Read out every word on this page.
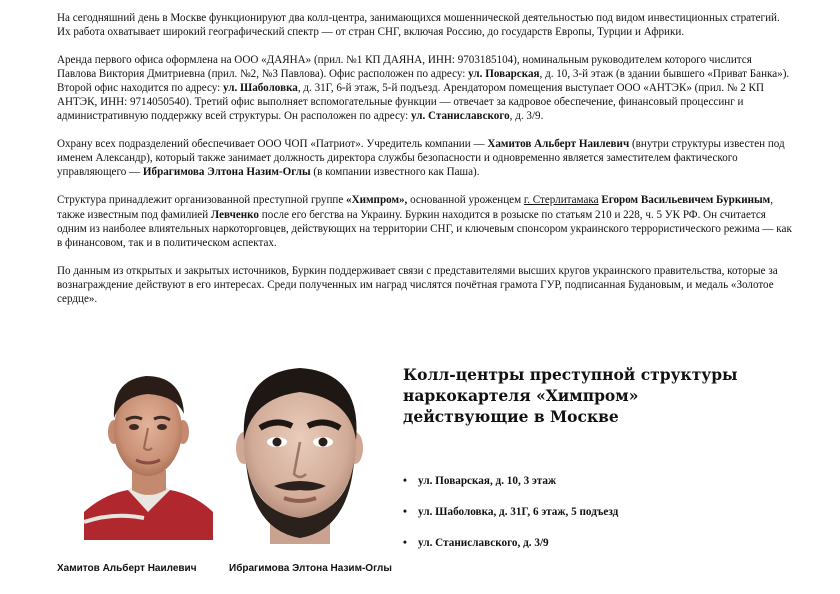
На сегодняшний день в Москве функционируют два колл-центра, занимающихся мошеннической деятельностью под видом инвестиционных стратегий. Их работа охватывает широкий географический спектр — от стран СНГ, включая Россию, до государств Европы, Турции и Африки.

Аренда первого офиса оформлена на ООО «ДАЯНА» (прил. №1 КП ДАЯНА, ИНН: 9703185104), номинальным руководителем которого числится Павлова Виктория Дмитриевна (прил. №2, №3 Павлова). Офис расположен по адресу: ул. Поварская, д. 10, 3-й этаж (в здании бывшего «Приват Банка»). Второй офис находится по адресу: ул. Шаболовка, д. 31Г, 6-й этаж, 5-й подъезд. Арендатором помещения выступает ООО «АНТЭК» (прил. № 2 КП АНТЭК, ИНН: 9714050540). Третий офис выполняет вспомогательные функции — отвечает за кадровое обеспечение, финансовый процессинг и административную поддержку всей структуры. Он расположен по адресу: ул. Станиславского, д. 3/9.

Охрану всех подразделений обеспечивает ООО ЧОП «Патриот». Учредитель компании — Хамитов Альберт Наилевич (внутри структуры известен под именем Александр), который также занимает должность директора службы безопасности и одновременно является заместителем фактического управляющего — Ибрагимова Элтона Назим-Оглы (в компании известного как Паша).

Структура принадлежит организованной преступной группе «Химпром», основанной уроженцем г. Стерлитамака Егором Васильевичем Буркиным, также известным под фамилией Левченко после его бегства на Украину. Буркин находится в розыске по статьям 210 и 228, ч. 5 УК РФ. Он считается одним из наиболее влиятельных наркоторговцев, действующих на территории СНГ, и ключевым спонсором украинского террористического режима — как в финансовом, так и в политическом аспектах.

По данным из открытых и закрытых источников, Буркин поддерживает связи с представителями высших кругов украинского правительства, которые за вознаграждение действуют в его интересах. Среди полученных им наград числятся почётная грамота ГУР, подписанная Будановым, и медаль «Золотое сердце».

Хамитов Альберт Наилевич	Ибрагимова Элтона Назим-Оглы
Колл-центры преступной структуры
наркокартеля «Химпром»
действующие в Москве
• ул. Поварская, д. 10, 3 этаж
• ул. Шаболовка, д. 31Г, 6 этаж, 5 подъезд
• ул. Станиславского, д. 3/9
